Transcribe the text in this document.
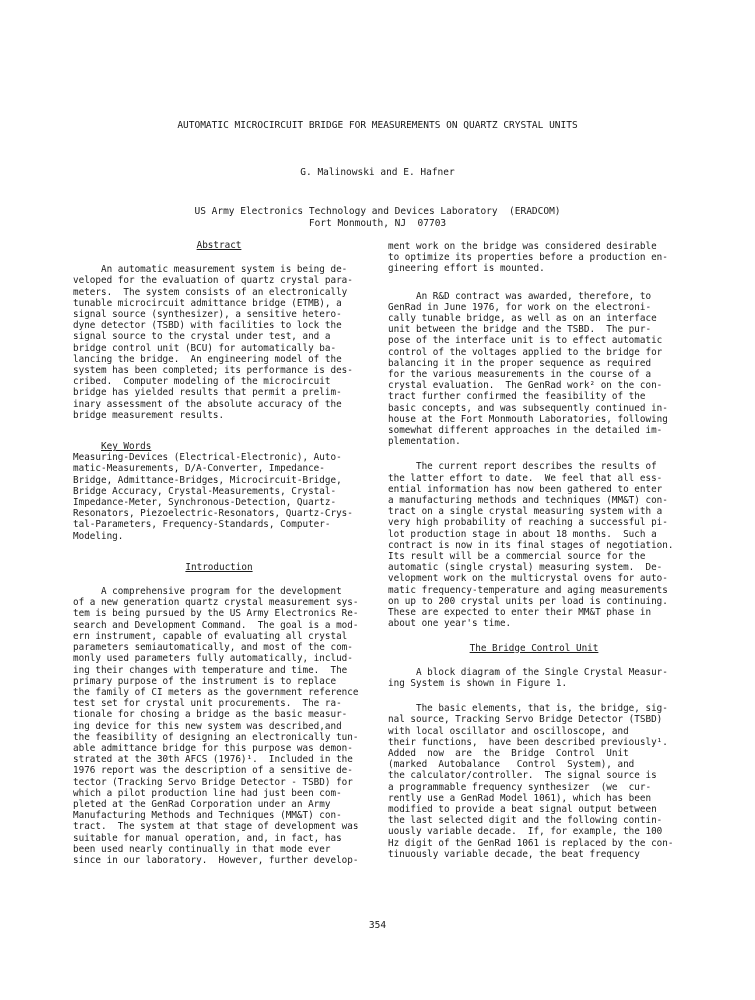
AUTOMATIC MICROCIRCUIT BRIDGE FOR MEASUREMENTS ON QUARTZ CRYSTAL UNITS
G. Malinowski and E. Hafner
US Army Electronics Technology and Devices Laboratory  (ERADCOM)
Fort Monmouth, NJ  07703
Abstract
An automatic measurement system is being de-
veloped for the evaluation of quartz crystal para-
meters.  The system consists of an electronically
tunable microcircuit admittance bridge (ETMB), a
signal source (synthesizer), a sensitive hetero-
dyne detector (TSBD) with facilities to lock the
signal source to the crystal under test, and a
bridge control unit (BCU) for automatically ba-
lancing the bridge.  An engineering model of the
system has been completed; its performance is des-
cribed.  Computer modeling of the microcircuit
bridge has yielded results that permit a prelim-
inary assessment of the absolute accuracy of the
bridge measurement results.
Key Words
Measuring-Devices (Electrical-Electronic), Auto-
matic-Measurements, D/A-Converter, Impedance-
Bridge, Admittance-Bridges, Microcircuit-Bridge,
Bridge Accuracy, Crystal-Measurements, Crystal-
Impedance-Meter, Synchronous-Detection, Quartz-
Resonators, Piezoelectric-Resonators, Quartz-Crys-
tal-Parameters, Frequency-Standards, Computer-
Modeling.
Introduction
A comprehensive program for the development
of a new generation quartz crystal measurement sys-
tem is being pursued by the US Army Electronics Re-
search and Development Command.  The goal is a mod-
ern instrument, capable of evaluating all crystal
parameters semiautomatically, and most of the com-
monly used parameters fully automatically, includ-
ing their changes with temperature and time.  The
primary purpose of the instrument is to replace
the family of CI meters as the government reference
test set for crystal unit procurements.  The ra-
tionale for chosing a bridge as the basic measur-
ing device for this new system was described,and
the feasibility of designing an electronically tun-
able admittance bridge for this purpose was demon-
strated at the 30th AFCS (1976)¹.  Included in the
1976 report was the description of a sensitive de-
tector (Tracking Servo Bridge Detector - TSBD) for
which a pilot production line had just been com-
pleted at the GenRad Corporation under an Army
Manufacturing Methods and Techniques (MM&T) con-
tract.  The system at that stage of development was
suitable for manual operation, and, in fact, has
been used nearly continually in that mode ever
since in our laboratory.  However, further develop-
ment work on the bridge was considered desirable
to optimize its properties before a production en-
gineering effort is mounted.
An R&D contract was awarded, therefore, to
GenRad in June 1976, for work on the electroni-
cally tunable bridge, as well as on an interface
unit between the bridge and the TSBD.  The pur-
pose of the interface unit is to effect automatic
control of the voltages applied to the bridge for
balancing it in the proper sequence as required
for the various measurements in the course of a
crystal evaluation.  The GenRad work² on the con-
tract further confirmed the feasibility of the
basic concepts, and was subsequently continued in-
house at the Fort Monmouth Laboratories, following
somewhat different approaches in the detailed im-
plementation.
The current report describes the results of
the latter effort to date.  We feel that all ess-
ential information has now been gathered to enter
a manufacturing methods and techniques (MM&T) con-
tract on a single crystal measuring system with a
very high probability of reaching a successful pi-
lot production stage in about 18 months.  Such a
contract is now in its final stages of negotiation.
Its result will be a commercial source for the
automatic (single crystal) measuring system.  De-
velopment work on the multicrystal ovens for auto-
matic frequency-temperature and aging measurements
on up to 200 crystal units per load is continuing.
These are expected to enter their MM&T phase in
about one year's time.
The Bridge Control Unit
A block diagram of the Single Crystal Measur-
ing System is shown in Figure 1.
The basic elements, that is, the bridge, sig-
nal source, Tracking Servo Bridge Detector (TSBD)
with local oscillator and oscilloscope, and
their functions,  have been described previously¹.
Added  now  are  the  Bridge  Control  Unit
(marked  Autobalance   Control  System), and
the calculator/controller.  The signal source is
a programmable frequency synthesizer  (we  cur-
rently use a GenRad Model 1061), which has been
modified to provide a beat signal output between
the last selected digit and the following contin-
uously variable decade.  If, for example, the 100
Hz digit of the GenRad 1061 is replaced by the con-
tinuously variable decade, the beat frequency
354
